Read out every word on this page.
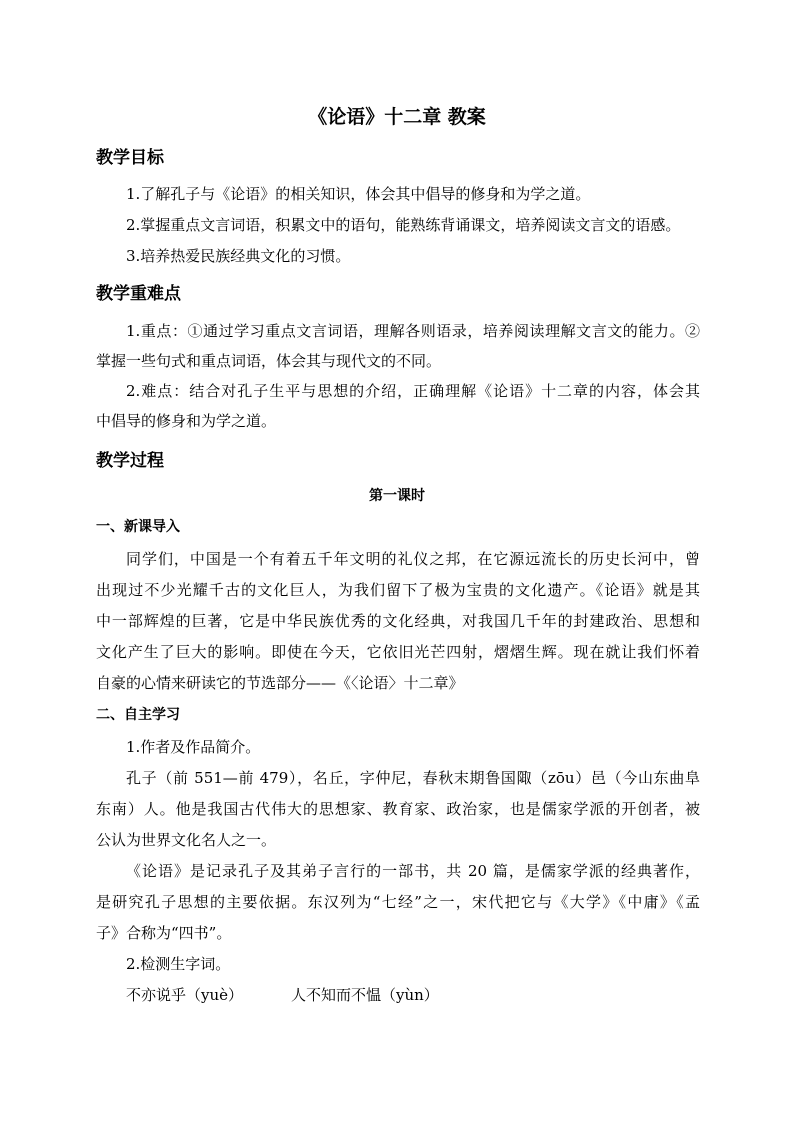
《论语》十二章 教案
教学目标
1.了解孔子与《论语》的相关知识，体会其中倡导的修身和为学之道。
2.掌握重点文言词语，积累文中的语句，能熟练背诵课文，培养阅读文言文的语感。
3.培养热爱民族经典文化的习惯。
教学重难点
1.重点：①通过学习重点文言词语，理解各则语录，培养阅读理解文言文的能力。②
掌握一些句式和重点词语，体会其与现代文的不同。
2.难点：结合对孔子生平与思想的介绍，正确理解《论语》十二章的内容，体会其
中倡导的修身和为学之道。
教学过程
第一课时
一、新课导入
同学们，中国是一个有着五千年文明的礼仪之邦，在它源远流长的历史长河中，曾
出现过不少光耀千古的文化巨人，为我们留下了极为宝贵的文化遗产。《论语》就是其
中一部辉煌的巨著，它是中华民族优秀的文化经典，对我国几千年的封建政治、思想和
文化产生了巨大的影响。即使在今天，它依旧光芒四射，熠熠生辉。现在就让我们怀着
自豪的心情来研读它的节选部分——《〈论语〉十二章》
二、自主学习
1.作者及作品简介。
孔子（前 551—前 479），名丘，字仲尼，春秋末期鲁国陬（zōu）邑（今山东曲阜
东南）人。他是我国古代伟大的思想家、教育家、政治家，也是儒家学派的开创者，被
公认为世界文化名人之一。
《论语》是记录孔子及其弟子言行的一部书，共 20 篇，是儒家学派的经典著作，
是研究孔子思想的主要依据。东汉列为“七经”之一，宋代把它与《大学》《中庸》《孟
子》合称为“四书”。
2.检测生字词。
不亦说乎（yuè）	人不知而不愠（yùn）
